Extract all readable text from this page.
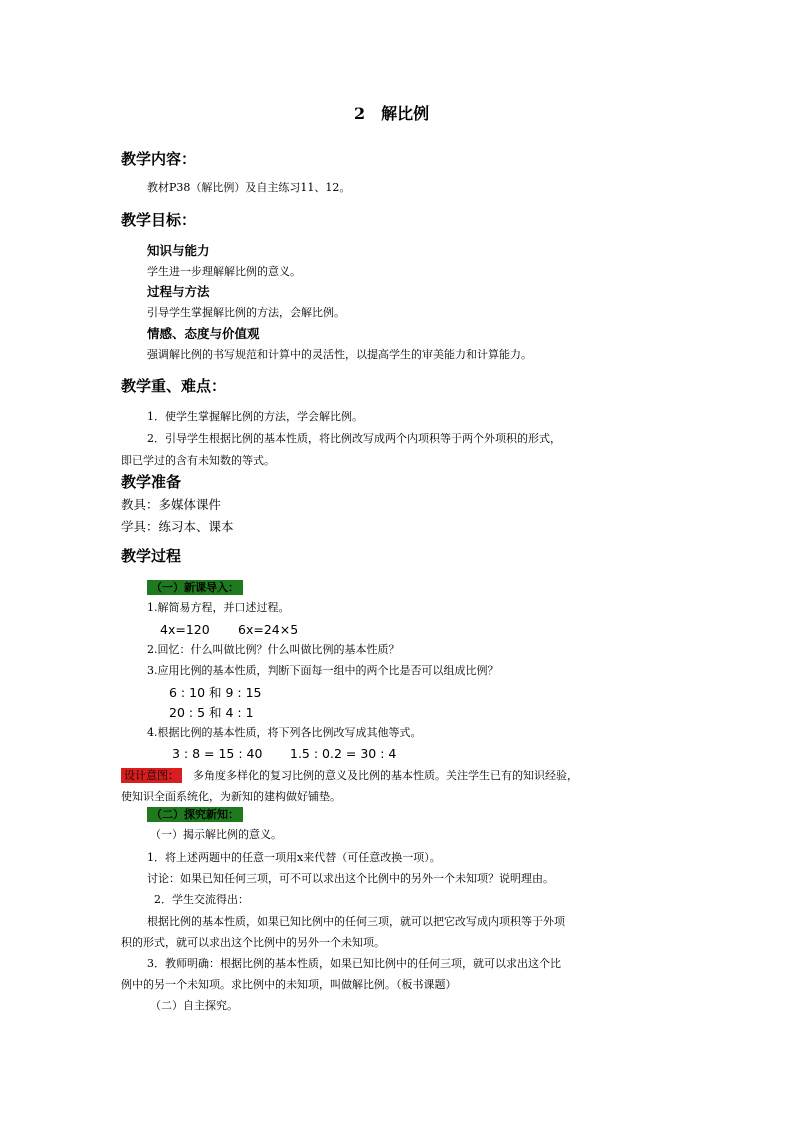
2　解比例
教学内容：
教材P38（解比例）及自主练习11、12。
教学目标：
知识与能力
学生进一步理解解比例的意义。
过程与方法
引导学生掌握解比例的方法，会解比例。
情感、态度与价值观
强调解比例的书写规范和计算中的灵活性，以提高学生的审美能力和计算能力。
教学重、难点：
1．使学生掌握解比例的方法，学会解比例。
2．引导学生根据比例的基本性质，将比例改写成两个内项积等于两个外项积的形式，
即已学过的含有未知数的等式。
教学准备
教具：多媒体课件
学具：练习本、课本
教学过程
（一）新课导入：
1.解简易方程，并口述过程。
4x=120 6x=24×5
2.回忆：什么叫做比例？什么叫做比例的基本性质？
3.应用比例的基本性质，判断下面每一组中的两个比是否可以组成比例？
6 : 10 和 9 : 15
20 : 5 和 4 : 1
4.根据比例的基本性质，将下列各比例改写成其他等式。
3 : 8 = 15 : 40 1.5 : 0.2 = 30 : 4
设计意图： 多角度多样化的复习比例的意义及比例的基本性质。关注学生已有的知识经验，
使知识全面系统化，为新知的建构做好铺垫。
（二）探究新知：
（一）揭示解比例的意义。
1．将上述两题中的任意一项用x来代替（可任意改换一项）。
讨论：如果已知任何三项，可不可以求出这个比例中的另外一个未知项？说明理由。
2．学生交流得出：
根据比例的基本性质，如果已知比例中的任何三项，就可以把它改写成内项积等于外项
积的形式，就可以求出这个比例中的另外一个未知项。
3．教师明确：根据比例的基本性质，如果已知比例中的任何三项，就可以求出这个比
例中的另一个未知项。求比例中的未知项，叫做解比例。（板书课题）
（二）自主探究。
